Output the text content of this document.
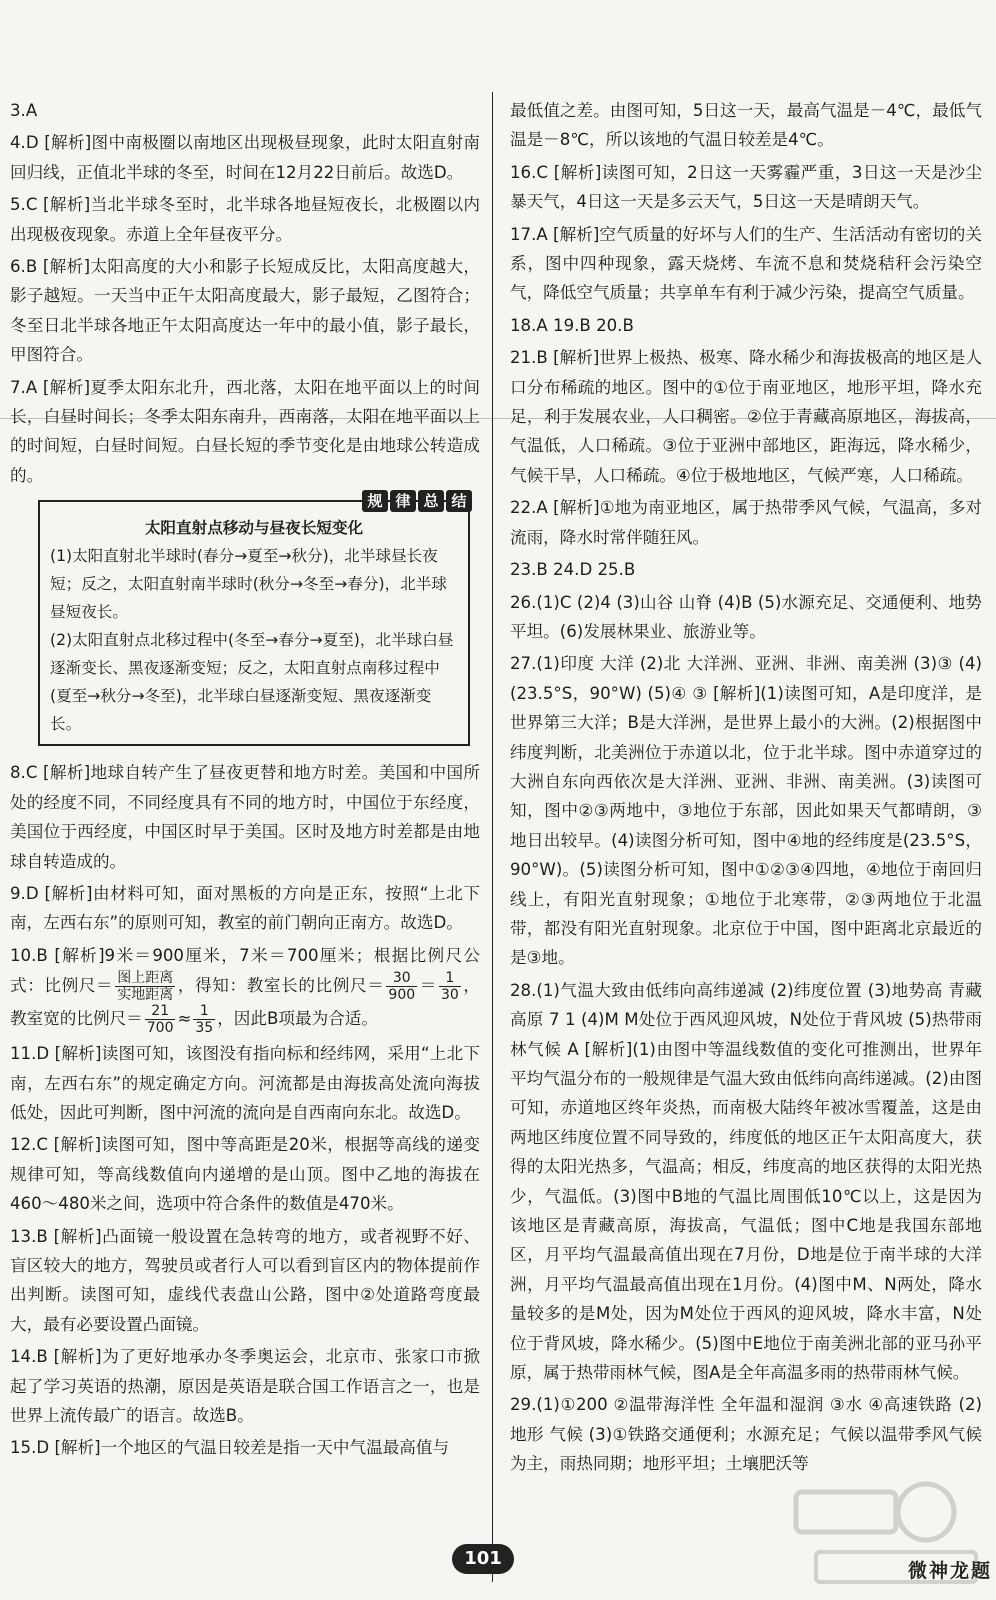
3.A

4.D [解析]图中南极圈以南地区出现极昼现象，此时太阳直射南回归线，正值北半球的冬至，时间在12月22日前后。故选D。

5.C [解析]当北半球冬至时，北半球各地昼短夜长，北极圈以内出现极夜现象。赤道上全年昼夜平分。

6.B [解析]太阳高度的大小和影子长短成反比，太阳高度越大，影子越短。一天当中正午太阳高度最大，影子最短，乙图符合；冬至日北半球各地正午太阳高度达一年中的最小值，影子最长，甲图符合。

7.A [解析]夏季太阳东北升，西北落，太阳在地平面以上的时间长，白昼时间长；冬季太阳东南升，西南落，太阳在地平面以上的时间短，白昼时间短。白昼长短的季节变化是由地球公转造成的。

规 律 总 结
太阳直射点移动与昼夜长短变化

(1)太阳直射北半球时(春分→夏至→秋分)，北半球昼长夜短；反之，太阳直射南半球时(秋分→冬至→春分)，北半球昼短夜长。

(2)太阳直射点北移过程中(冬至→春分→夏至)，北半球白昼逐渐变长、黑夜逐渐变短；反之，太阳直射点南移过程中(夏至→秋分→冬至)，北半球白昼逐渐变短、黑夜逐渐变长。

8.C [解析]地球自转产生了昼夜更替和地方时差。美国和中国所处的经度不同，不同经度具有不同的地方时，中国位于东经度，美国位于西经度，中国区时早于美国。区时及地方时差都是由地球自转造成的。

9.D [解析]由材料可知，面对黑板的方向是正东，按照“上北下南，左西右东”的原则可知，教室的前门朝向正南方。故选D。

10.B [解析]9米＝900厘米，7米＝700厘米；根据比例尺公式：比例尺＝ $\frac{\text{图上距离}}{\text{实地距离}}$ ，得知：教室长的比例尺＝ $\frac{30}{900} = \frac{1}{30}$ ，教室宽的比例尺＝ $\frac{21}{700} \approx \frac{1}{35}$ ，因此B项最为合适。

11.D [解析]读图可知，该图没有指向标和经纬网，采用“上北下南，左西右东”的规定确定方向。河流都是由海拔高处流向海拔低处，因此可判断，图中河流的流向是自西南向东北。故选D。

12.C [解析]读图可知，图中等高距是20米，根据等高线的递变规律可知，等高线数值向内递增的是山顶。图中乙地的海拔在460～480米之间，选项中符合条件的数值是470米。

13.B [解析]凸面镜一般设置在急转弯的地方，或者视野不好、盲区较大的地方，驾驶员或者行人可以看到盲区内的物体提前作出判断。读图可知，虚线代表盘山公路，图中②处道路弯度最大，最有必要设置凸面镜。

14.B [解析]为了更好地承办冬季奥运会，北京市、张家口市掀起了学习英语的热潮，原因是英语是联合国工作语言之一，也是世界上流传最广的语言。故选B。

15.D [解析]一个地区的气温日较差是指一天中气温最高值与

最低值之差。由图可知，5日这一天，最高气温是－4℃，最低气温是－8℃，所以该地的气温日较差是4℃。

16.C [解析]读图可知，2日这一天雾霾严重，3日这一天是沙尘暴天气，4日这一天是多云天气，5日这一天是晴朗天气。

17.A [解析]空气质量的好坏与人们的生产、生活活动有密切的关系，图中四种现象，露天烧烤、车流不息和焚烧秸秆会污染空气，降低空气质量；共享单车有利于减少污染，提高空气质量。

18.A 19.B 20.B

21.B [解析]世界上极热、极寒、降水稀少和海拔极高的地区是人口分布稀疏的地区。图中的①位于南亚地区，地形平坦，降水充足，利于发展农业，人口稠密。②位于青藏高原地区，海拔高，气温低，人口稀疏。③位于亚洲中部地区，距海远，降水稀少，气候干旱，人口稀疏。④位于极地地区，气候严寒，人口稀疏。

22.A [解析]①地为南亚地区，属于热带季风气候，气温高，多对流雨，降水时常伴随狂风。

23.B 24.D 25.B

26.(1)C (2)4 (3)山谷 山脊 (4)B (5)水源充足、交通便利、地势平坦。(6)发展林果业、旅游业等。

27.(1)印度 大洋 (2)北 大洋洲、亚洲、非洲、南美洲 (3)③ (4)(23.5°S，90°W) (5)④ ③ [解析](1)读图可知，A是印度洋，是世界第三大洋；B是大洋洲，是世界上最小的大洲。(2)根据图中纬度判断，北美洲位于赤道以北，位于北半球。图中赤道穿过的大洲自东向西依次是大洋洲、亚洲、非洲、南美洲。(3)读图可知，图中②③两地中，③地位于东部，因此如果天气都晴朗，③地日出较早。(4)读图分析可知，图中④地的经纬度是(23.5°S，90°W)。(5)读图分析可知，图中①②③④四地，④地位于南回归线上，有阳光直射现象；①地位于北寒带，②③两地位于北温带，都没有阳光直射现象。北京位于中国，图中距离北京最近的是③地。

28.(1)气温大致由低纬向高纬递减 (2)纬度位置 (3)地势高 青藏高原 7 1 (4)M M处位于西风迎风坡，N处位于背风坡 (5)热带雨林气候 A [解析](1)由图中等温线数值的变化可推测出，世界年平均气温分布的一般规律是气温大致由低纬向高纬递减。(2)由图可知，赤道地区终年炎热，而南极大陆终年被冰雪覆盖，这是由两地区纬度位置不同导致的，纬度低的地区正午太阳高度大，获得的太阳光热多，气温高；相反，纬度高的地区获得的太阳光热少，气温低。(3)图中B地的气温比周围低10℃以上，这是因为该地区是青藏高原，海拔高，气温低；图中C地是我国东部地区，月平均气温最高值出现在7月份，D地是位于南半球的大洋洲，月平均气温最高值出现在1月份。(4)图中M、N两处，降水量较多的是M处，因为M处位于西风的迎风坡，降水丰富，N处位于背风坡，降水稀少。(5)图中E地位于南美洲北部的亚马孙平原，属于热带雨林气候，图A是全年高温多雨的热带雨林气候。

29.(1)①200 ②温带海洋性 全年温和湿润 ③水 ④高速铁路 (2)地形 气候 (3)①铁路交通便利；水源充足；气候以温带季风气候为主，雨热同期；地形平坦；土壤肥沃等

101
微神龙题
